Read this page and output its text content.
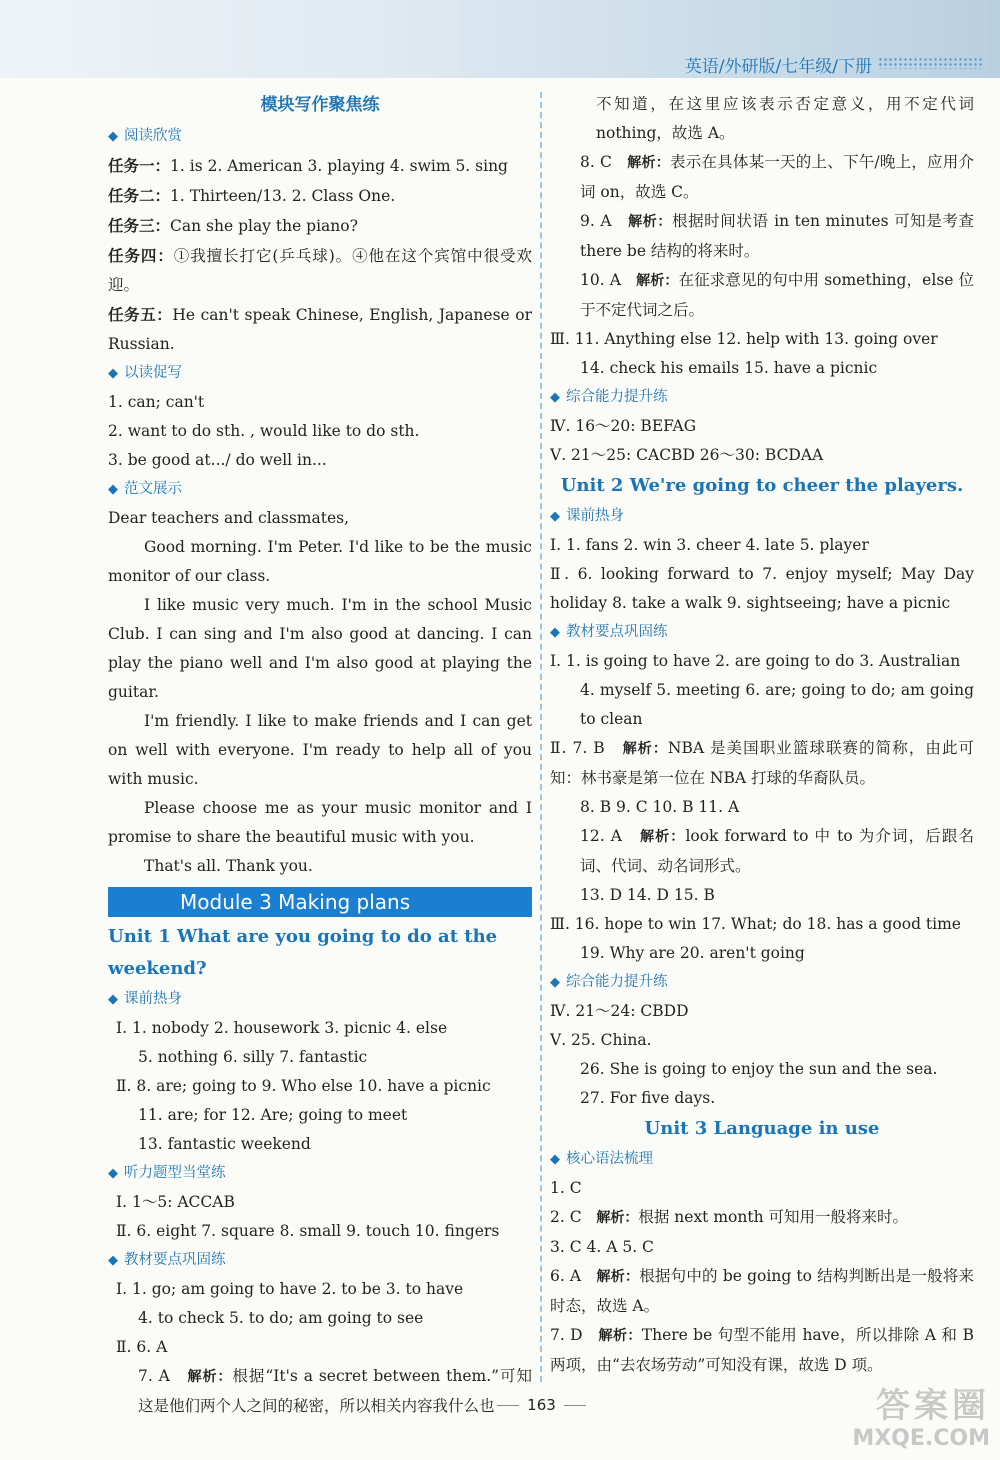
英语/外研版/七年级/下册
模块写作聚焦练
◆ 阅读欣赏

任务一：1. is 2. American 3. playing 4. swim 5. sing

任务二：1. Thirteen/13. 2. Class One.

任务三：Can she play the piano?

任务四：①我擅长打它(乒乓球)。④他在这个宾馆中很受欢迎。

任务五：He can't speak Chinese, English, Japanese or Russian.

◆ 以读促写

1. can; can't

2. want to do sth. , would like to do sth.

3. be good at.../ do well in...

◆ 范文展示

Dear teachers and classmates,

Good morning. I'm Peter. I'd like to be the music monitor of our class.

I like music very much. I'm in the school Music Club. I can sing and I'm also good at dancing. I can play the piano well and I'm also good at playing the guitar.

I'm friendly. I like to make friends and I can get on well with everyone. I'm ready to help all of you with music.

Please choose me as your music monitor and I promise to share the beautiful music with you.

That's all. Thank you.

Module 3 Making plans
Unit 1 What are you going to do at the weekend?
◆ 课前热身

Ⅰ. 1. nobody 2. housework 3. picnic 4. else

5. nothing 6. silly 7. fantastic

Ⅱ. 8. are; going to 9. Who else 10. have a picnic

11. are; for 12. Are; going to meet

13. fantastic weekend

◆ 听力题型当堂练

Ⅰ. 1～5: ACCAB

Ⅱ. 6. eight 7. square 8. small 9. touch 10. fingers

◆ 教材要点巩固练

Ⅰ. 1. go; am going to have 2. to be 3. to have

4. to check 5. to do; am going to see

Ⅱ. 6. A

7. A 解析：根据“It's a secret between them.”可知这是他们两个人之间的秘密，所以相关内容我什么也

不知道，在这里应该表示否定意义，用不定代词 nothing，故选 A。

8. C 解析：表示在具体某一天的上、下午/晚上，应用介词 on，故选 C。

9. A 解析：根据时间状语 in ten minutes 可知是考查 there be 结构的将来时。

10. A 解析：在征求意见的句中用 something，else 位于不定代词之后。

Ⅲ. 11. Anything else 12. help with 13. going over

14. check his emails 15. have a picnic

◆ 综合能力提升练

Ⅳ. 16～20: BEFAG

Ⅴ. 21～25: CACBD 26～30: BCDAA

Unit 2 We're going to cheer the players.
◆ 课前热身

Ⅰ. 1. fans 2. win 3. cheer 4. late 5. player

Ⅱ. 6. looking forward to 7. enjoy myself; May Day holiday 8. take a walk 9. sightseeing; have a picnic

◆ 教材要点巩固练

Ⅰ. 1. is going to have 2. are going to do 3. Australian

4. myself 5. meeting 6. are; going to do; am going to clean

Ⅱ. 7. B 解析：NBA 是美国职业篮球联赛的简称，由此可知：林书豪是第一位在 NBA 打球的华裔队员。

8. B 9. C 10. B 11. A

12. A 解析：look forward to 中 to 为介词，后跟名词、代词、动名词形式。

13. D 14. D 15. B

Ⅲ. 16. hope to win 17. What; do 18. has a good time

19. Why are 20. aren't going

◆ 综合能力提升练

Ⅳ. 21～24: CBDD

Ⅴ. 25. China.

26. She is going to enjoy the sun and the sea.

27. For five days.

Unit 3 Language in use
◆ 核心语法梳理

1. C

2. C 解析：根据 next month 可知用一般将来时。

3. C 4. A 5. C

6. A 解析：根据句中的 be going to 结构判断出是一般将来时态，故选 A。

7. D 解析：There be 句型不能用 have，所以排除 A 和 B 两项，由“去农场劳动”可知没有课，故选 D 项。

163	答案圈
MXQE.COM
